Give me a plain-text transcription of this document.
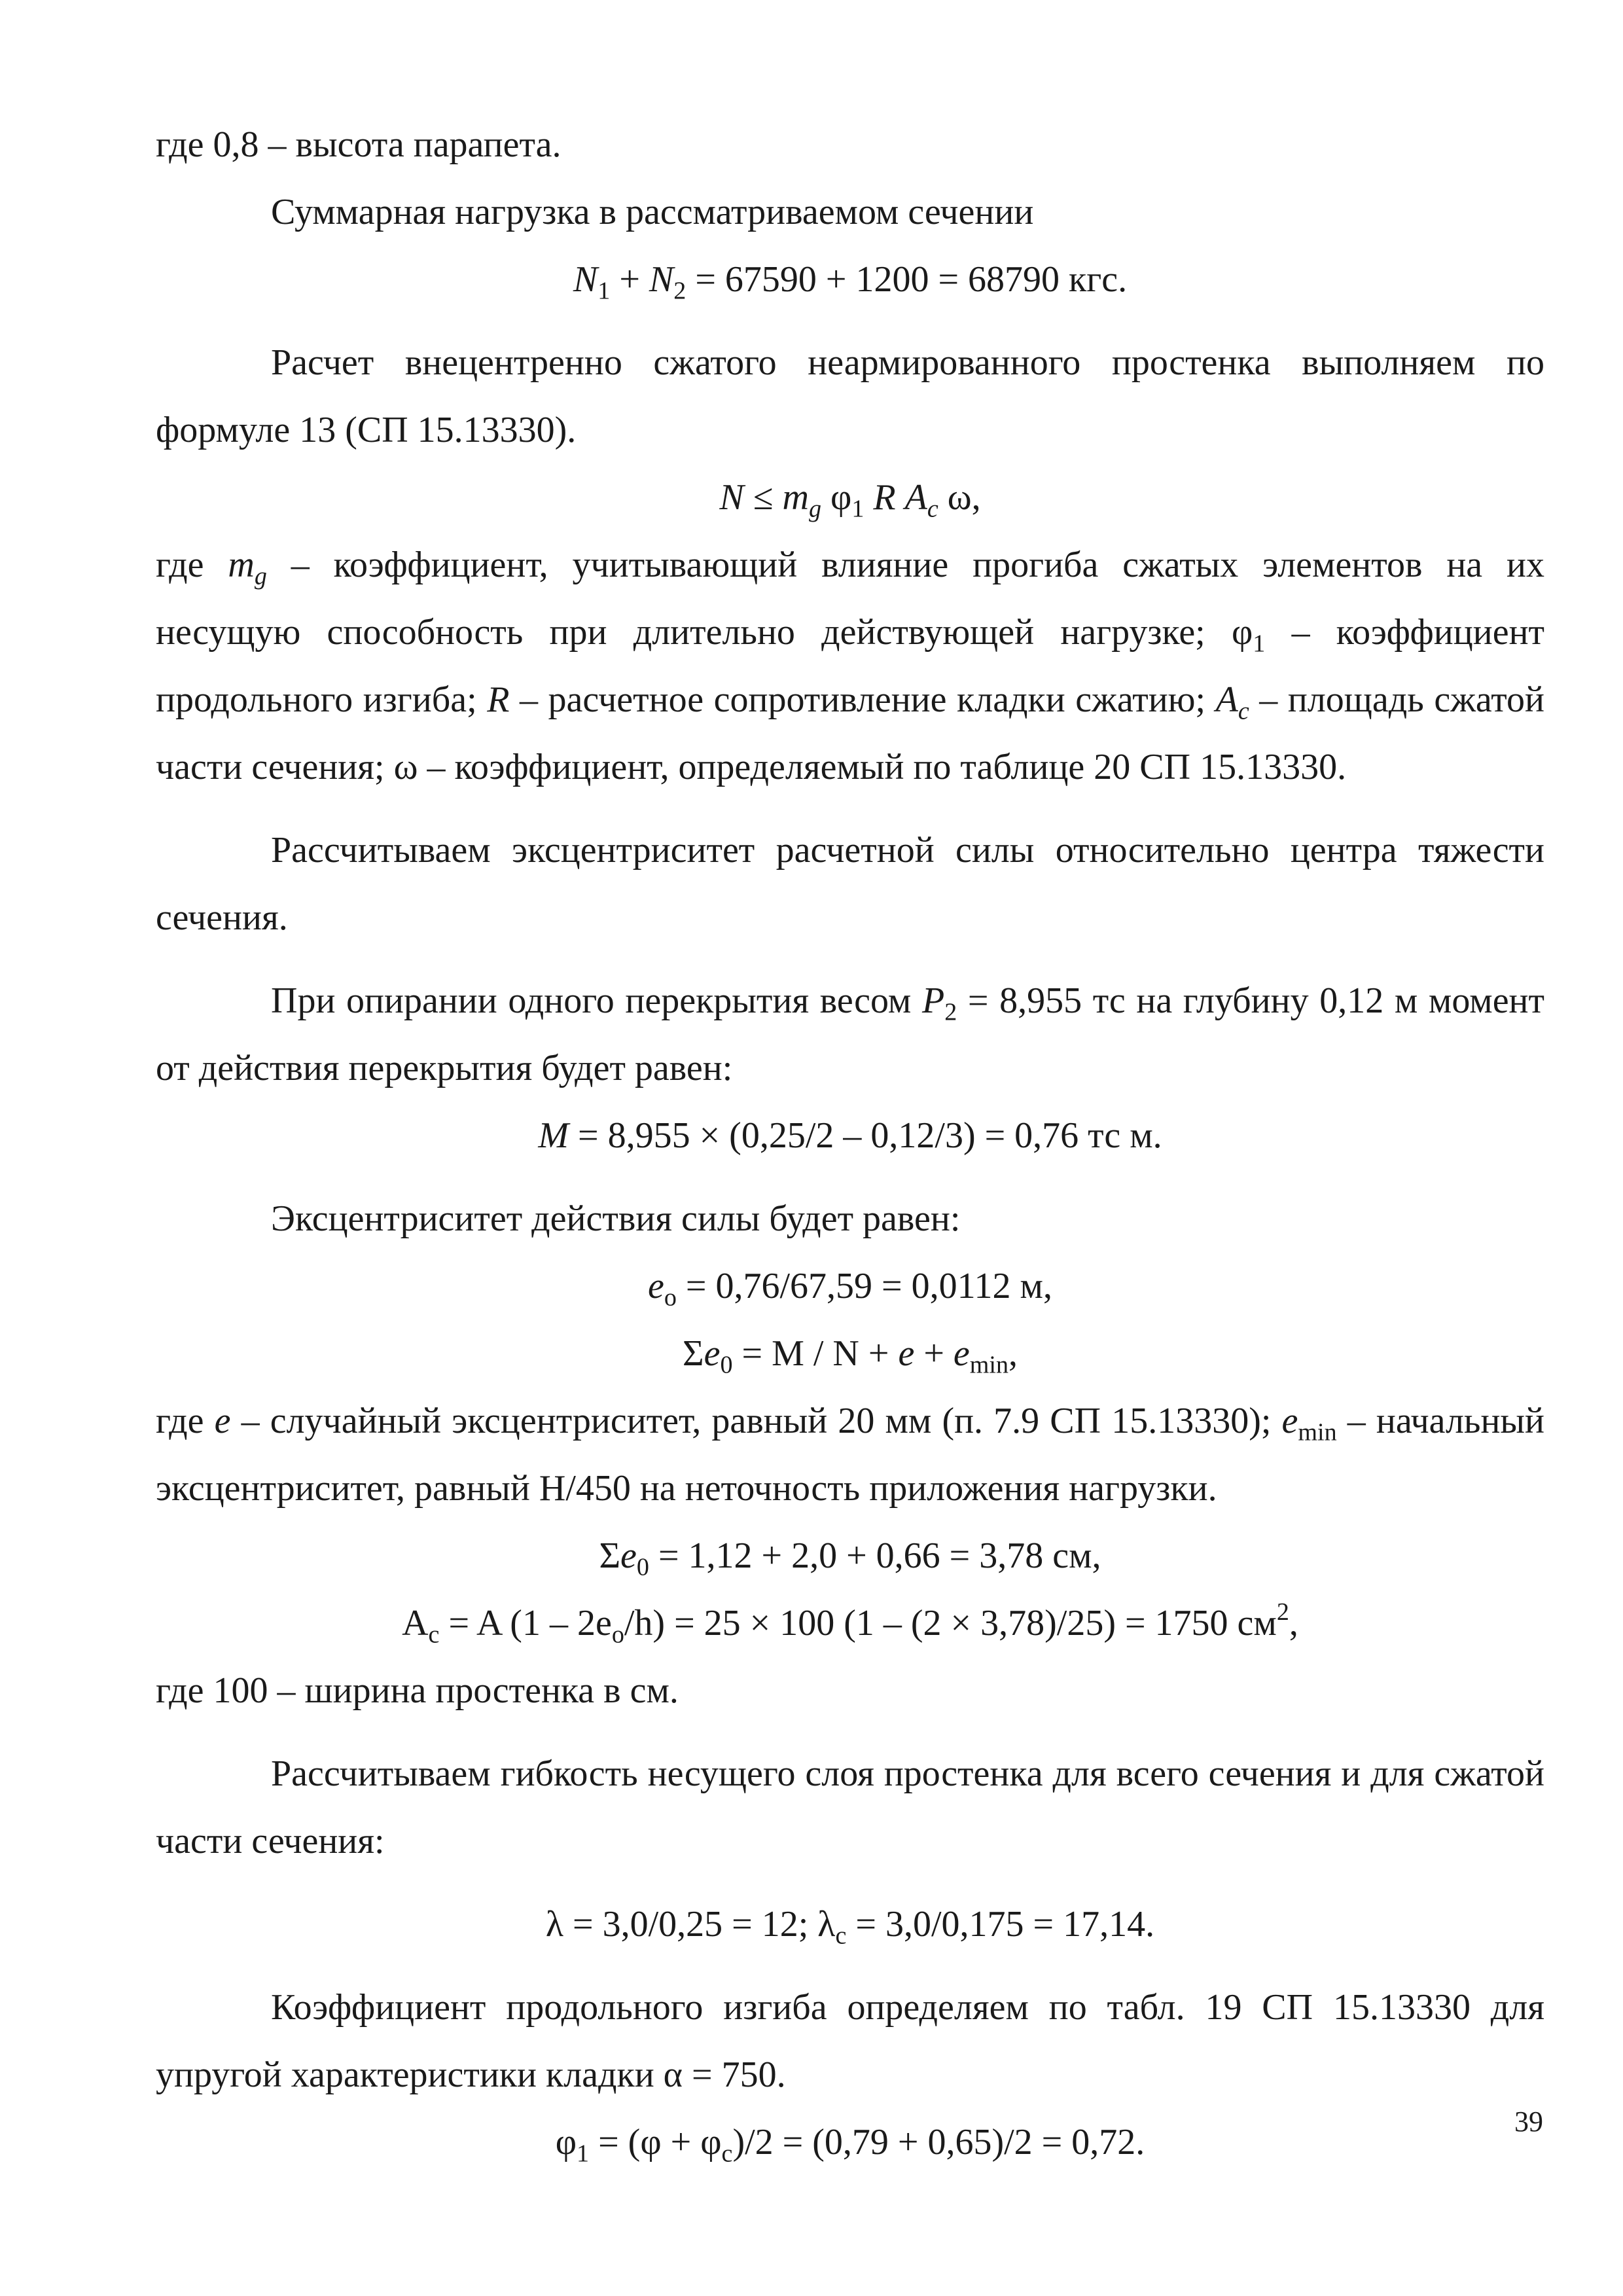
где 0,8 – высота парапета.

Суммарная нагрузка в рассматриваемом сечении

$N_1 + N_2 = 67590 + 1200 = 68790$ кгс.

Расчет внецентренно сжатого неармированного простенка выполняем по формуле 13 (СП 15.13330).

$N \le m_g$ $\varphi_1$ R $A_c$ ω,

где $m_g$ – коэффициент, учитывающий влияние прогиба сжатых элементов на их несущую способность при длительно действующей нагрузке; $\varphi_1$ – коэффициент продольного изгиба; R – расчетное сопротивление кладки сжатию; $A_c$ – площадь сжатой части сечения; ω – коэффициент, определяемый по таблице 20 СП 15.13330.

Рассчитываем эксцентриситет расчетной силы относительно центра тяжести сечения.

При опирании одного перекрытия весом $P_2 = 8,955$ тс на глубину 0,12 м момент от действия перекрытия будет равен:

M = 8,955 × (0,25/2 – 0,12/3) = 0,76 тс м.

Эксцентриситет действия силы будет равен:

$e_o = 0,76/67,59 = 0,0112$ м,

$\Sigma e_0 = M / N + e + e_{min}$,

где e – случайный эксцентриситет, равный 20 мм (п. 7.9 СП 15.13330); $e_{min}$ – начальный эксцентриситет, равный H/450 на неточность приложения нагрузки.

$\Sigma e_0 = 1,12 + 2,0 + 0,66 = 3,78$ см,

$A_c = A$ $(1 - 2e_o/h) = 25 \times 100$ (1 – (2 × 3,78)/25) = 1750 $см^2$,

где 100 – ширина простенка в см.

Рассчитываем гибкость несущего слоя простенка для всего сечения и для сжатой части сечения:

λ = 3,0/0,25 = 12; $\lambda_c = 3,0/0,175 = 17,14$.

Коэффициент продольного изгиба определяем по табл. 19 СП 15.13330 для упругой характеристики кладки α = 750.

$\varphi_1 = (\varphi + \varphi_c)/2 = (0,79 + 0,65)/2 = 0,72$.

39
